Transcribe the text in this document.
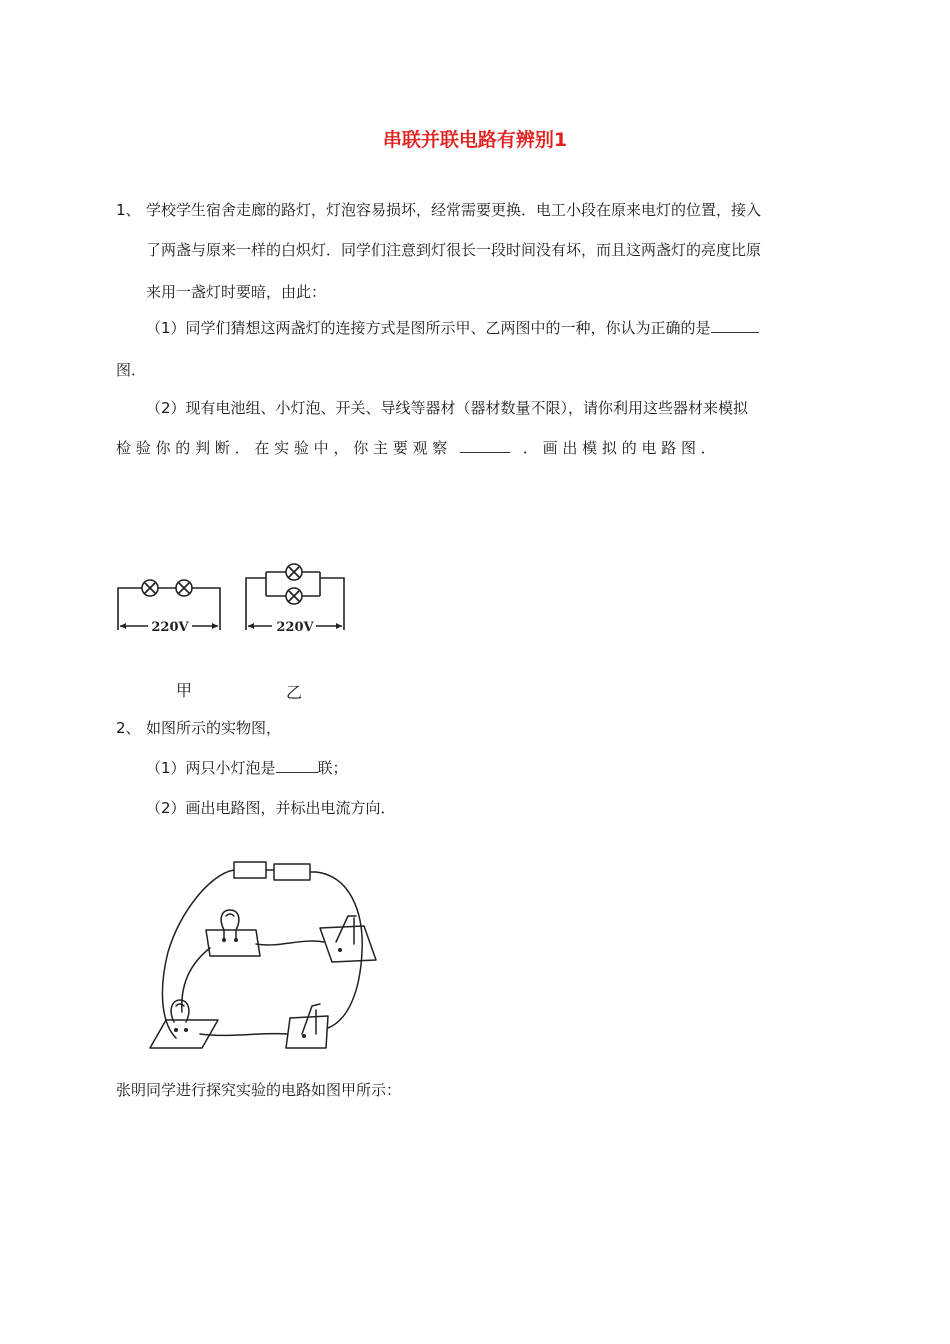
串联并联电路有辨别1
1、 学校学生宿舍走廊的路灯，灯泡容易损坏，经常需要更换．电工小段在原来电灯的位置，接入
了两盏与原来一样的白炽灯．同学们注意到灯很长一段时间没有坏，而且这两盏灯的亮度比原
来用一盏灯时要暗，由此：
（1）同学们猜想这两盏灯的连接方式是图所示甲、乙两图中的一种，你认为正确的是
图．
（2）现有电池组、小灯泡、开关、导线等器材（器材数量不限），请你利用这些器材来模拟
检 验 你 的 判 断 ． 在 实 验 中 ， 你 主 要 观 察	． 画 出 模 拟 的 电 路 图 ．
220V	220V
甲	乙
2、 如图所示的实物图，
（1）两只小灯泡是	联；
（2）画出电路图，并标出电流方向．
张明同学进行探究实验的电路如图甲所示：
